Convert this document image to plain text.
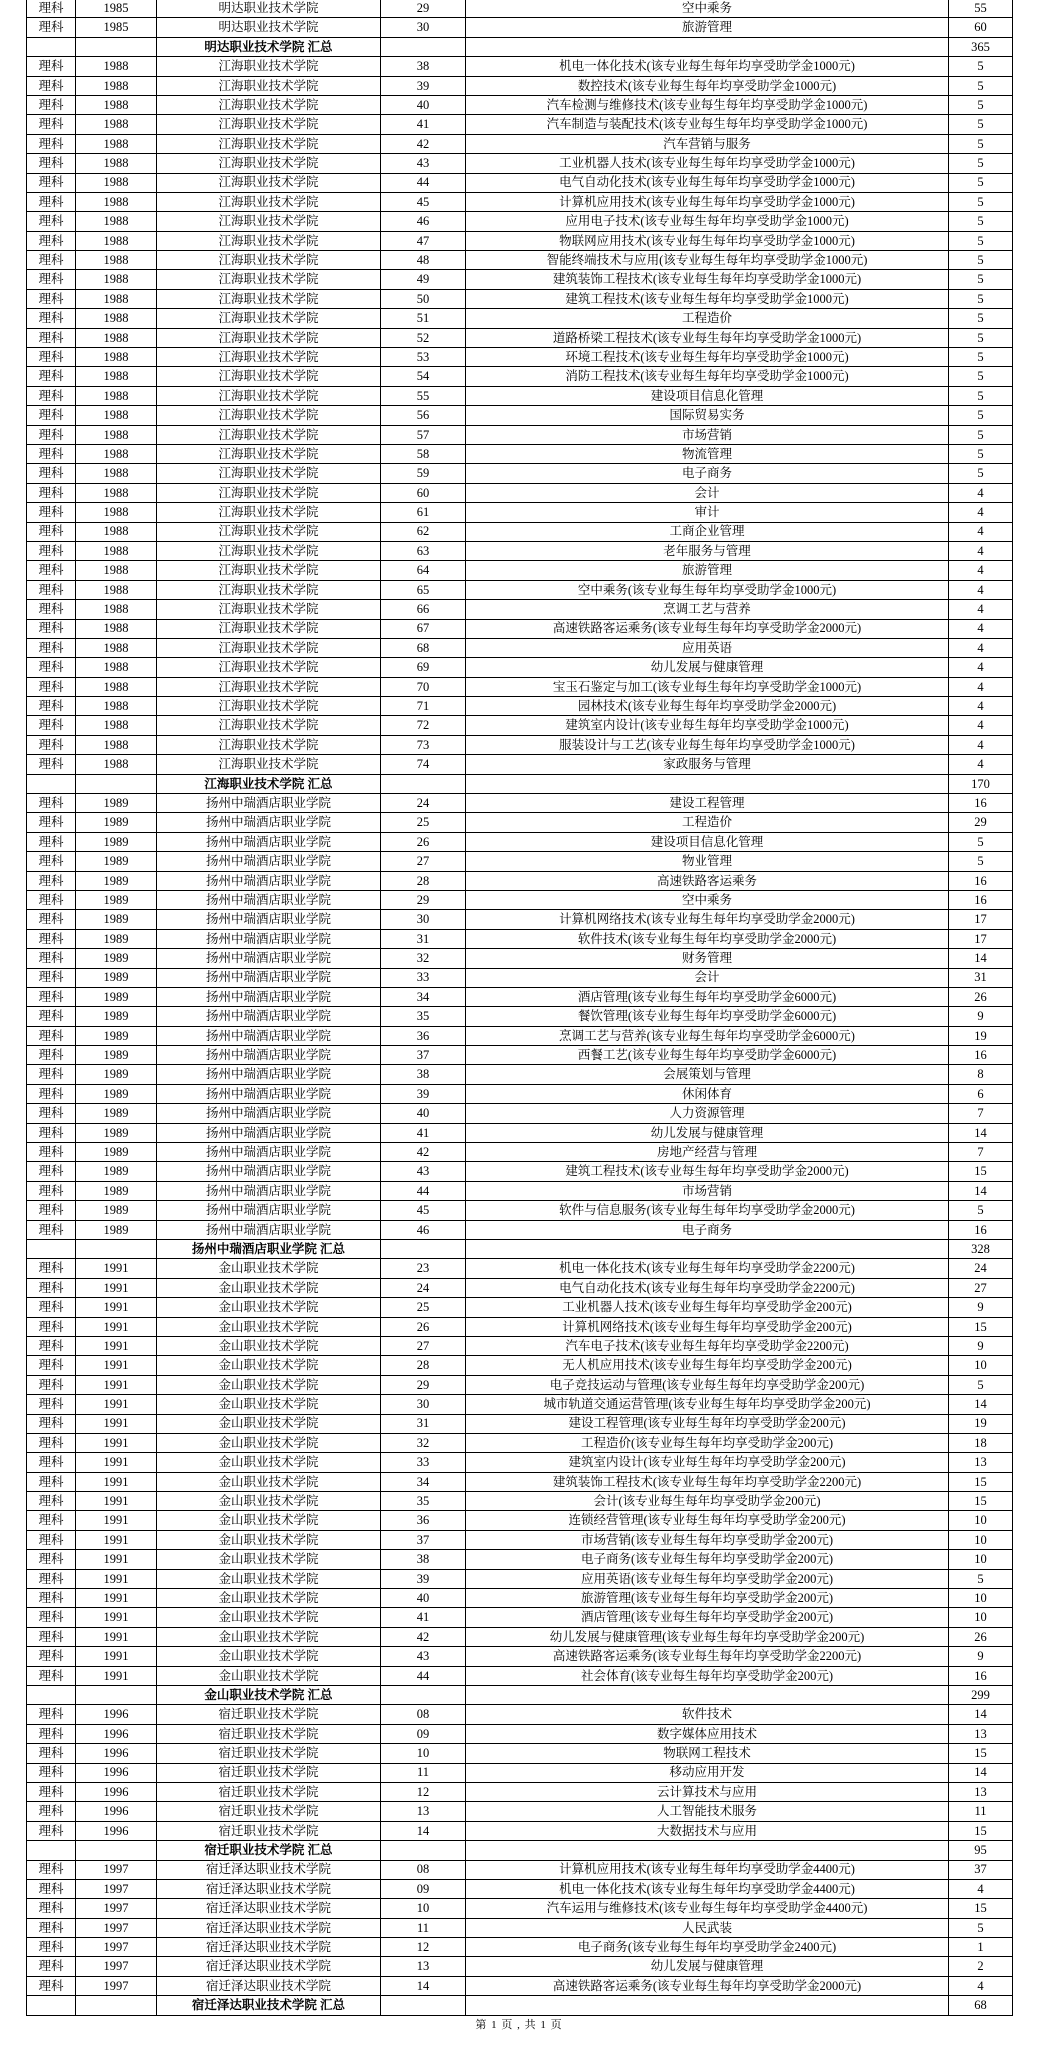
理科	1985	明达职业技术学院	29	空中乘务	55
理科	1985	明达职业技术学院	30	旅游管理	60
		明达职业技术学院 汇总			365
理科	1988	江海职业技术学院	38	机电一体化技术(该专业每生每年均享受助学金1000元)	5
理科	1988	江海职业技术学院	39	数控技术(该专业每生每年均享受助学金1000元)	5
理科	1988	江海职业技术学院	40	汽车检测与维修技术(该专业每生每年均享受助学金1000元)	5
理科	1988	江海职业技术学院	41	汽车制造与装配技术(该专业每生每年均享受助学金1000元)	5
理科	1988	江海职业技术学院	42	汽车营销与服务	5
理科	1988	江海职业技术学院	43	工业机器人技术(该专业每生每年均享受助学金1000元)	5
理科	1988	江海职业技术学院	44	电气自动化技术(该专业每生每年均享受助学金1000元)	5
理科	1988	江海职业技术学院	45	计算机应用技术(该专业每生每年均享受助学金1000元)	5
理科	1988	江海职业技术学院	46	应用电子技术(该专业每生每年均享受助学金1000元)	5
理科	1988	江海职业技术学院	47	物联网应用技术(该专业每生每年均享受助学金1000元)	5
理科	1988	江海职业技术学院	48	智能终端技术与应用(该专业每生每年均享受助学金1000元)	5
理科	1988	江海职业技术学院	49	建筑装饰工程技术(该专业每生每年均享受助学金1000元)	5
理科	1988	江海职业技术学院	50	建筑工程技术(该专业每生每年均享受助学金1000元)	5
理科	1988	江海职业技术学院	51	工程造价	5
理科	1988	江海职业技术学院	52	道路桥梁工程技术(该专业每生每年均享受助学金1000元)	5
理科	1988	江海职业技术学院	53	环境工程技术(该专业每生每年均享受助学金1000元)	5
理科	1988	江海职业技术学院	54	消防工程技术(该专业每生每年均享受助学金1000元)	5
理科	1988	江海职业技术学院	55	建设项目信息化管理	5
理科	1988	江海职业技术学院	56	国际贸易实务	5
理科	1988	江海职业技术学院	57	市场营销	5
理科	1988	江海职业技术学院	58	物流管理	5
理科	1988	江海职业技术学院	59	电子商务	5
理科	1988	江海职业技术学院	60	会计	4
理科	1988	江海职业技术学院	61	审计	4
理科	1988	江海职业技术学院	62	工商企业管理	4
理科	1988	江海职业技术学院	63	老年服务与管理	4
理科	1988	江海职业技术学院	64	旅游管理	4
理科	1988	江海职业技术学院	65	空中乘务(该专业每生每年均享受助学金1000元)	4
理科	1988	江海职业技术学院	66	烹调工艺与营养	4
理科	1988	江海职业技术学院	67	高速铁路客运乘务(该专业每生每年均享受助学金2000元)	4
理科	1988	江海职业技术学院	68	应用英语	4
理科	1988	江海职业技术学院	69	幼儿发展与健康管理	4
理科	1988	江海职业技术学院	70	宝玉石鉴定与加工(该专业每生每年均享受助学金1000元)	4
理科	1988	江海职业技术学院	71	园林技术(该专业每生每年均享受助学金2000元)	4
理科	1988	江海职业技术学院	72	建筑室内设计(该专业每生每年均享受助学金1000元)	4
理科	1988	江海职业技术学院	73	服装设计与工艺(该专业每生每年均享受助学金1000元)	4
理科	1988	江海职业技术学院	74	家政服务与管理	4
		江海职业技术学院 汇总			170
理科	1989	扬州中瑞酒店职业学院	24	建设工程管理	16
理科	1989	扬州中瑞酒店职业学院	25	工程造价	29
理科	1989	扬州中瑞酒店职业学院	26	建设项目信息化管理	5
理科	1989	扬州中瑞酒店职业学院	27	物业管理	5
理科	1989	扬州中瑞酒店职业学院	28	高速铁路客运乘务	16
理科	1989	扬州中瑞酒店职业学院	29	空中乘务	16
理科	1989	扬州中瑞酒店职业学院	30	计算机网络技术(该专业每生每年均享受助学金2000元)	17
理科	1989	扬州中瑞酒店职业学院	31	软件技术(该专业每生每年均享受助学金2000元)	17
理科	1989	扬州中瑞酒店职业学院	32	财务管理	14
理科	1989	扬州中瑞酒店职业学院	33	会计	31
理科	1989	扬州中瑞酒店职业学院	34	酒店管理(该专业每生每年均享受助学金6000元)	26
理科	1989	扬州中瑞酒店职业学院	35	餐饮管理(该专业每生每年均享受助学金6000元)	9
理科	1989	扬州中瑞酒店职业学院	36	烹调工艺与营养(该专业每生每年均享受助学金6000元)	19
理科	1989	扬州中瑞酒店职业学院	37	西餐工艺(该专业每生每年均享受助学金6000元)	16
理科	1989	扬州中瑞酒店职业学院	38	会展策划与管理	8
理科	1989	扬州中瑞酒店职业学院	39	休闲体育	6
理科	1989	扬州中瑞酒店职业学院	40	人力资源管理	7
理科	1989	扬州中瑞酒店职业学院	41	幼儿发展与健康管理	14
理科	1989	扬州中瑞酒店职业学院	42	房地产经营与管理	7
理科	1989	扬州中瑞酒店职业学院	43	建筑工程技术(该专业每生每年均享受助学金2000元)	15
理科	1989	扬州中瑞酒店职业学院	44	市场营销	14
理科	1989	扬州中瑞酒店职业学院	45	软件与信息服务(该专业每生每年均享受助学金2000元)	5
理科	1989	扬州中瑞酒店职业学院	46	电子商务	16
		扬州中瑞酒店职业学院 汇总			328
理科	1991	金山职业技术学院	23	机电一体化技术(该专业每生每年均享受助学金2200元)	24
理科	1991	金山职业技术学院	24	电气自动化技术(该专业每生每年均享受助学金2200元)	27
理科	1991	金山职业技术学院	25	工业机器人技术(该专业每生每年均享受助学金200元)	9
理科	1991	金山职业技术学院	26	计算机网络技术(该专业每生每年均享受助学金200元)	15
理科	1991	金山职业技术学院	27	汽车电子技术(该专业每生每年均享受助学金2200元)	9
理科	1991	金山职业技术学院	28	无人机应用技术(该专业每生每年均享受助学金200元)	10
理科	1991	金山职业技术学院	29	电子竞技运动与管理(该专业每生每年均享受助学金200元)	5
理科	1991	金山职业技术学院	30	城市轨道交通运营管理(该专业每生每年均享受助学金200元)	14
理科	1991	金山职业技术学院	31	建设工程管理(该专业每生每年均享受助学金200元)	19
理科	1991	金山职业技术学院	32	工程造价(该专业每生每年均享受助学金200元)	18
理科	1991	金山职业技术学院	33	建筑室内设计(该专业每生每年均享受助学金200元)	13
理科	1991	金山职业技术学院	34	建筑装饰工程技术(该专业每生每年均享受助学金2200元)	15
理科	1991	金山职业技术学院	35	会计(该专业每生每年均享受助学金200元)	15
理科	1991	金山职业技术学院	36	连锁经营管理(该专业每生每年均享受助学金200元)	10
理科	1991	金山职业技术学院	37	市场营销(该专业每生每年均享受助学金200元)	10
理科	1991	金山职业技术学院	38	电子商务(该专业每生每年均享受助学金200元)	10
理科	1991	金山职业技术学院	39	应用英语(该专业每生每年均享受助学金200元)	5
理科	1991	金山职业技术学院	40	旅游管理(该专业每生每年均享受助学金200元)	10
理科	1991	金山职业技术学院	41	酒店管理(该专业每生每年均享受助学金200元)	10
理科	1991	金山职业技术学院	42	幼儿发展与健康管理(该专业每生每年均享受助学金200元)	26
理科	1991	金山职业技术学院	43	高速铁路客运乘务(该专业每生每年均享受助学金2200元)	9
理科	1991	金山职业技术学院	44	社会体育(该专业每生每年均享受助学金200元)	16
		金山职业技术学院 汇总			299
理科	1996	宿迁职业技术学院	08	软件技术	14
理科	1996	宿迁职业技术学院	09	数字媒体应用技术	13
理科	1996	宿迁职业技术学院	10	物联网工程技术	15
理科	1996	宿迁职业技术学院	11	移动应用开发	14
理科	1996	宿迁职业技术学院	12	云计算技术与应用	13
理科	1996	宿迁职业技术学院	13	人工智能技术服务	11
理科	1996	宿迁职业技术学院	14	大数据技术与应用	15
		宿迁职业技术学院 汇总			95
理科	1997	宿迁泽达职业技术学院	08	计算机应用技术(该专业每生每年均享受助学金4400元)	37
理科	1997	宿迁泽达职业技术学院	09	机电一体化技术(该专业每生每年均享受助学金4400元)	4
理科	1997	宿迁泽达职业技术学院	10	汽车运用与维修技术(该专业每生每年均享受助学金4400元)	15
理科	1997	宿迁泽达职业技术学院	11	人民武装	5
理科	1997	宿迁泽达职业技术学院	12	电子商务(该专业每生每年均享受助学金2400元)	1
理科	1997	宿迁泽达职业技术学院	13	幼儿发展与健康管理	2
理科	1997	宿迁泽达职业技术学院	14	高速铁路客运乘务(该专业每生每年均享受助学金2000元)	4
		宿迁泽达职业技术学院 汇总			68
第 1 页 , 共 1 页
